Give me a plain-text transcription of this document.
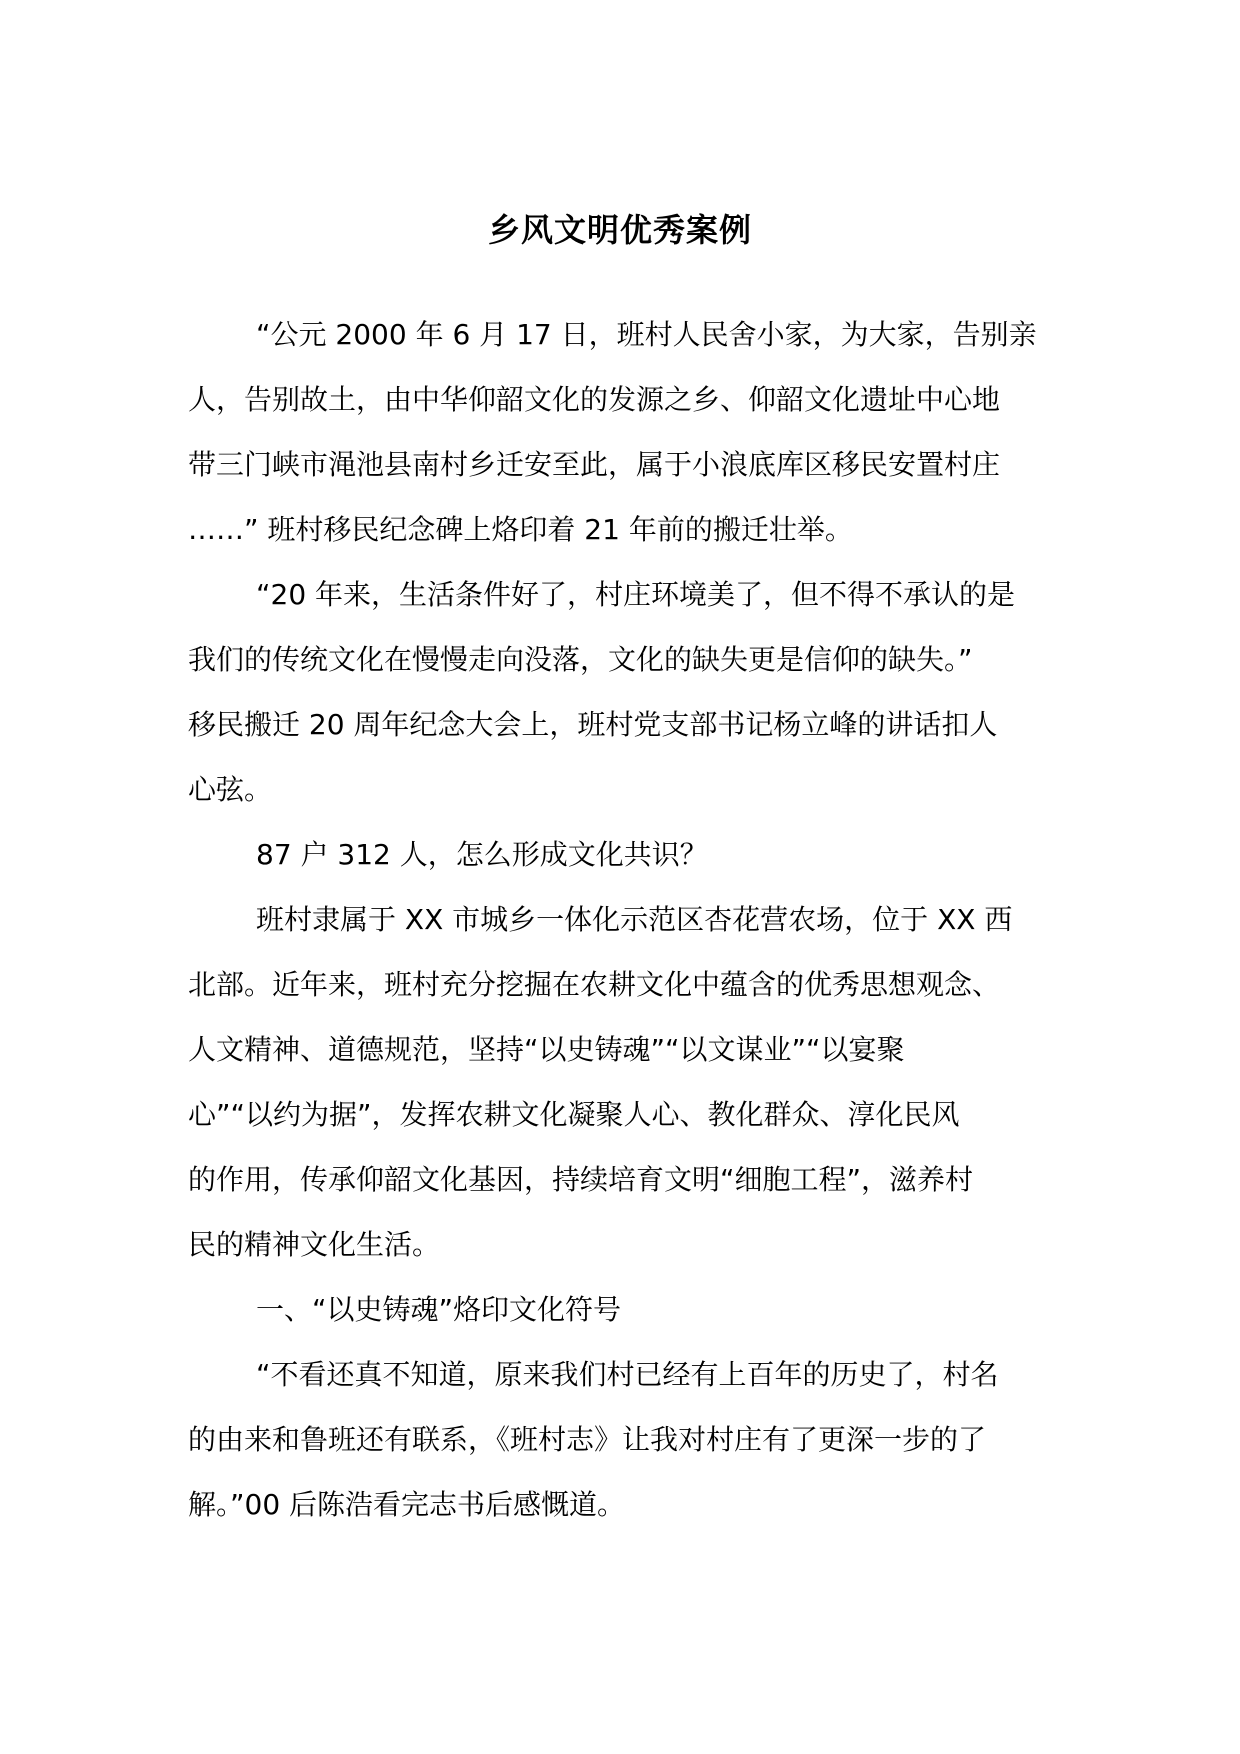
乡风文明优秀案例

“公元 2000 年 6 月 17 日，班村人民舍小家，为大家，告别亲
人，告别故土，由中华仰韶文化的发源之乡、仰韶文化遗址中心地
带三门峡市渑池县南村乡迁安至此，属于小浪底库区移民安置村庄
……” 班村移民纪念碑上烙印着 21 年前的搬迁壮举。

“20 年来，生活条件好了，村庄环境美了，但不得不承认的是
我们的传统文化在慢慢走向没落，文化的缺失更是信仰的缺失。”
移民搬迁 20 周年纪念大会上，班村党支部书记杨立峰的讲话扣人
心弦。

87 户 312 人，怎么形成文化共识？

班村隶属于 XX 市城乡一体化示范区杏花营农场，位于 XX 西
北部。近年来，班村充分挖掘在农耕文化中蕴含的优秀思想观念、
人文精神、道德规范，坚持“以史铸魂”“以文谋业”“以宴聚
心”“以约为据”，发挥农耕文化凝聚人心、教化群众、淳化民风
的作用，传承仰韶文化基因，持续培育文明“细胞工程”，滋养村
民的精神文化生活。

一、“以史铸魂”烙印文化符号

“不看还真不知道，原来我们村已经有上百年的历史了，村名
的由来和鲁班还有联系，《班村志》让我对村庄有了更深一步的了
解。”00 后陈浩看完志书后感慨道。
